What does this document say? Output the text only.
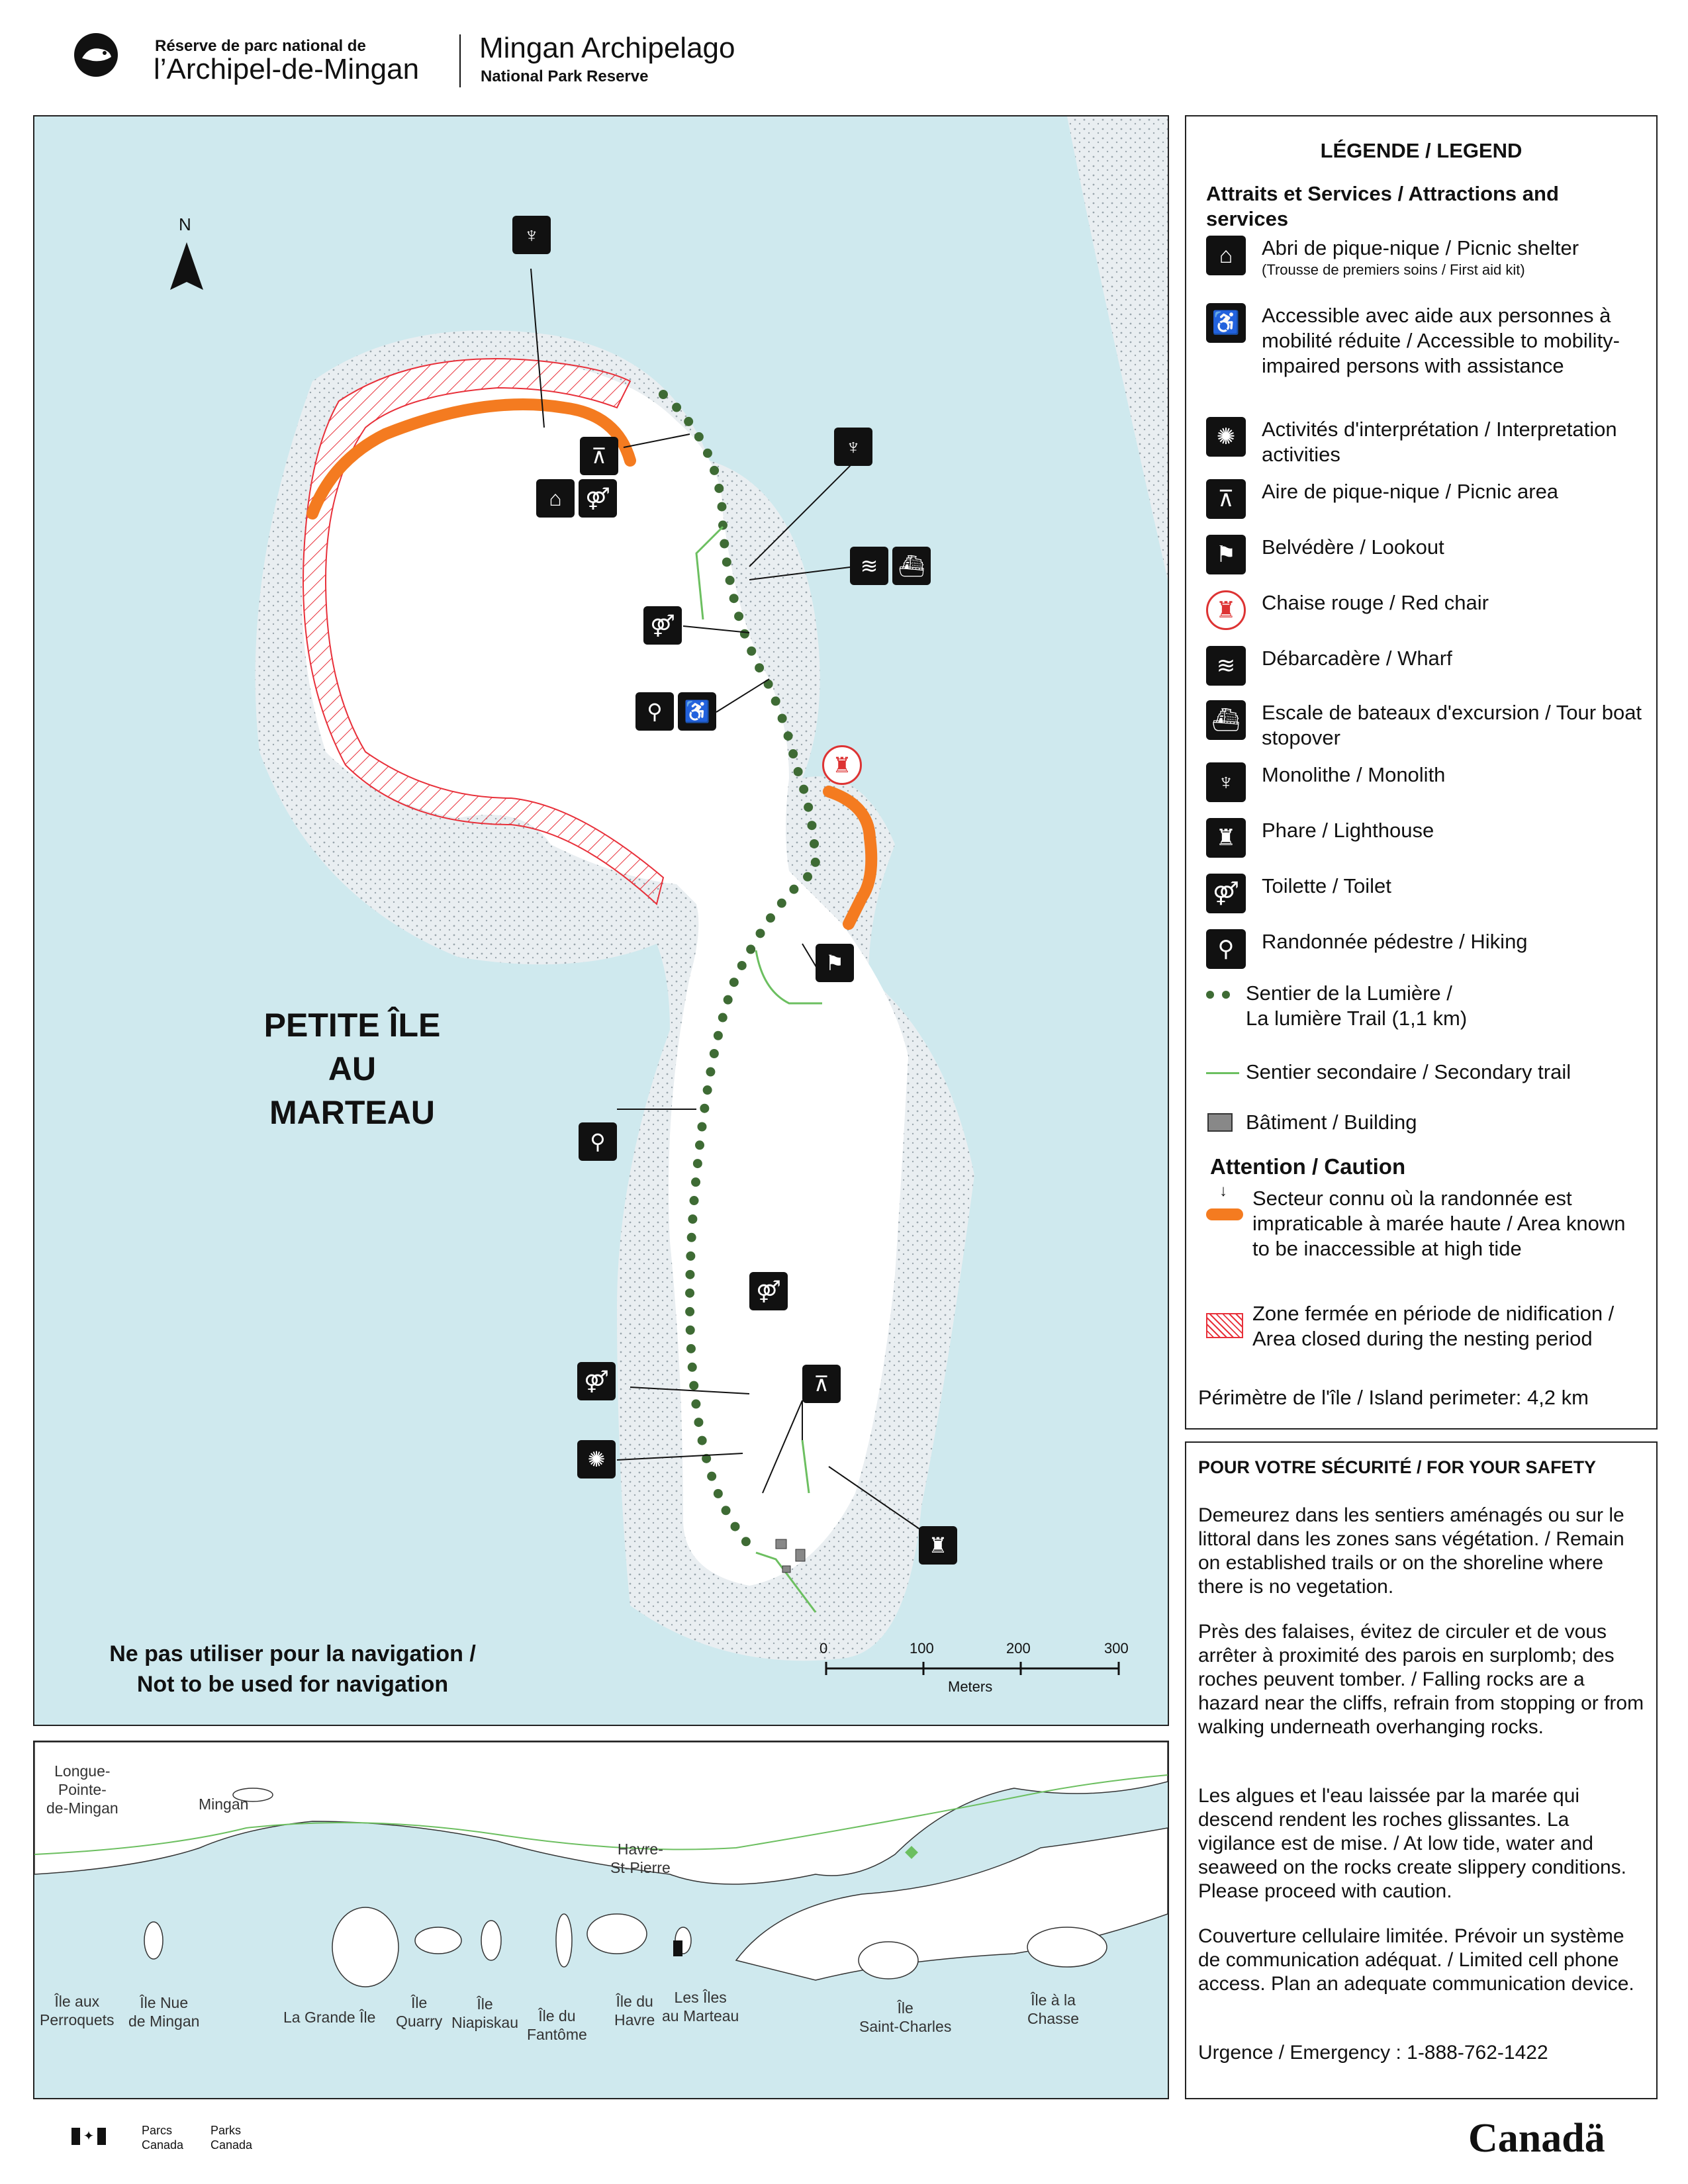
Réserve de parc national de
l’Archipel-de-Mingan
Mingan Archipelago
National Park Reserve
N
PETITE ÎLE
AU
MARTEAU
Ne pas utiliser pour la navigation /
Not to be used for navigation
0	100	200	300
Meters
♆
⊼
⌂	⚤
♆
≋ ⛴
⚤
⚲	♿
♜
⚑
⚲
⚤
⊼
⚤
✺
♜
LÉGENDE / LEGEND
Attraits et Services / Attractions and services
⌂	Abri de pique-nique / Picnic shelter
(Trousse de premiers soins / First aid kit)
♿ Accessible avec aide aux personnes à mobilité réduite / Accessible to mobility-impaired persons with assistance
✺	Activités d'interprétation / Interpretation activities
⊼	Aire de pique-nique / Picnic area
⚑	Belvédère / Lookout
♜	Chaise rouge / Red chair
≋	Débarcadère / Wharf
⛴ Escale de bateaux d'excursion / Tour boat stopover
♆	Monolithe / Monolith
♜	Phare / Lighthouse
⚤	Toilette / Toilet
⚲	Randonnée pédestre / Hiking
Sentier de la Lumière /
La lumière Trail (1,1 km)
Sentier secondaire / Secondary trail
Bâtiment / Building
Attention / Caution
↓ Secteur connu où la randonnée est impraticable à marée haute / Area known to be inaccessible at high tide
Zone fermée en période de nidification / Area closed during the nesting period
Périmètre de l'île / Island perimeter: 4,2 km
POUR VOTRE SÉCURITÉ / FOR YOUR SAFETY
Demeurez dans les sentiers aménagés ou sur le littoral dans les zones sans végétation. / Remain on established trails or on the shoreline where there is no vegetation.
Près des falaises, évitez de circuler et de vous arrêter à proximité des parois en surplomb; des roches peuvent tomber. / Falling rocks are a hazard near the cliffs, refrain from stopping or from walking underneath overhanging rocks.
Les algues et l'eau laissée par la marée qui descend rendent les roches glissantes. La vigilance est de mise. / At low tide, water and seaweed on the rocks create slippery conditions. Please proceed with caution.
Couverture cellulaire limitée. Prévoir un système de communication adéquat. / Limited cell phone access. Plan an adequate communication device.
Urgence / Emergency : 1-888-762-1422
Longue-
Pointe-
de-Mingan	Mingan
Havre-
St-Pierre
Île aux
Perroquets
Île Nue
de Mingan	La Grande Île
Île
Quarry
Île
Niapiskau	Île du
Fantôme
Île du
Havre
Les Îles
au Marteau	Île
Saint-Charles
Île à la
Chasse
✦	Parcs
Canada
Parks
Canada	Canadä
